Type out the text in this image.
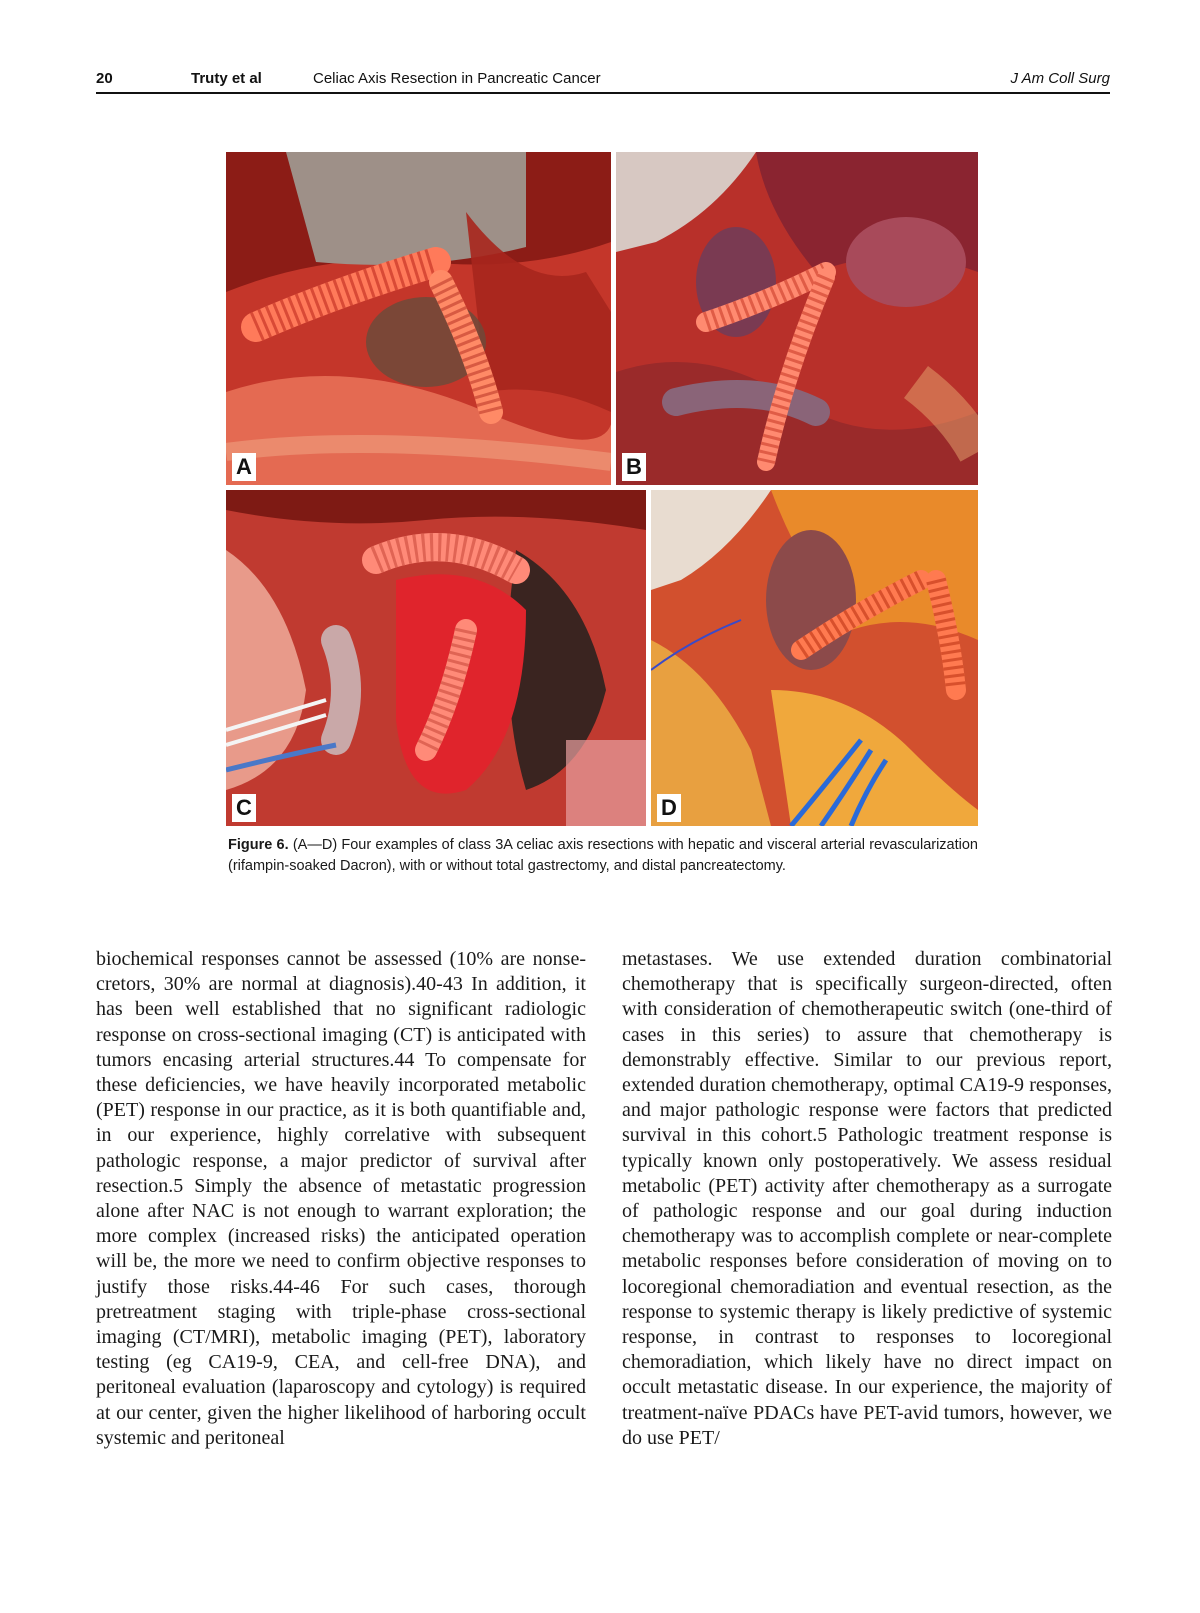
20	Truty et al	Celiac Axis Resection in Pancreatic Cancer	J Am Coll Surg
A	B
C	D
Figure 6. (A—D) Four examples of class 3A celiac axis resections with hepatic and visceral arterial revascularization (rifampin-soaked Dacron), with or without total gastrectomy, and distal pancreatectomy.

biochemical responses cannot be assessed (10% are nonsecretors, 30% are normal at diagnosis).40-43 In addition, it has been well established that no significant radiologic response on cross-sectional imaging (CT) is anticipated with tumors encasing arterial structures.44 To compensate for these deficiencies, we have heavily incorporated metabolic (PET) response in our practice, as it is both quantifiable and, in our experience, highly correlative with subsequent pathologic response, a major predictor of survival after resection.5 Simply the absence of metastatic progression alone after NAC is not enough to warrant exploration; the more complex (increased risks) the anticipated operation will be, the more we need to confirm objective responses to justify those risks.44-46 For such cases, thorough pretreatment staging with triple-phase cross-sectional imaging (CT/MRI), metabolic imaging (PET), laboratory testing (eg CA19-9, CEA, and cell-free DNA), and peritoneal evaluation (laparoscopy and cytology) is required at our center, given the higher likelihood of harboring occult systemic and peritoneal

metastases. We use extended duration combinatorial chemotherapy that is specifically surgeon-directed, often with consideration of chemotherapeutic switch (one-third of cases in this series) to assure that chemotherapy is demonstrably effective. Similar to our previous report, extended duration chemotherapy, optimal CA19-9 responses, and major pathologic response were factors that predicted survival in this cohort.5 Pathologic treatment response is typically known only postoperatively. We assess residual metabolic (PET) activity after chemotherapy as a surrogate of pathologic response and our goal during induction chemotherapy was to accomplish complete or near-complete metabolic responses before consideration of moving on to locoregional chemoradiation and eventual resection, as the response to systemic therapy is likely predictive of systemic response, in contrast to responses to locoregional chemoradiation, which likely have no direct impact on occult metastatic disease. In our experience, the majority of treatment-naïve PDACs have PET-avid tumors, however, we do use PET/
